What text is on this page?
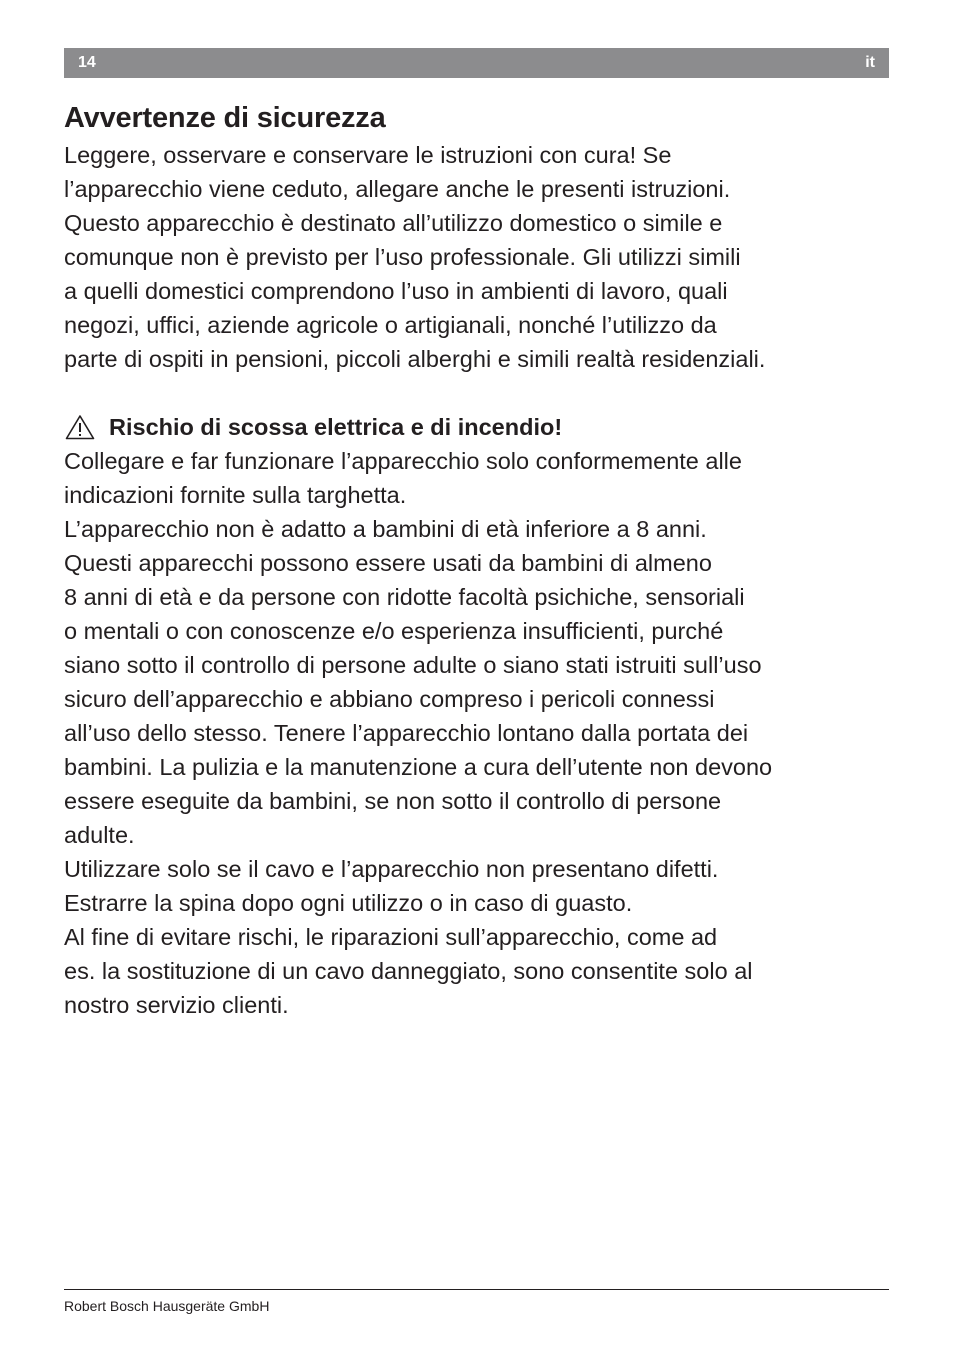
14	it
Avvertenze di sicurezza

Leggere, osservare e conservare le istruzioni con cura! Se
l’apparecchio viene ceduto, allegare anche le presenti istruzioni.
Questo apparecchio è destinato all’utilizzo domestico o simile e
comunque non è previsto per l’uso professionale. Gli utilizzi simili
a quelli domestici comprendono l’uso in ambienti di lavoro, quali
negozi, uffici, aziende agricole o artigianali, nonché l’utilizzo da
parte di ospiti in pensioni, piccoli alberghi e simili realtà residenziali.

Rischio di scossa elettrica e di incendio!

Collegare e far funzionare l’apparecchio solo conformemente alle
indicazioni fornite sulla targhetta.

L’apparecchio non è adatto a bambini di età inferiore a 8 anni.

Questi apparecchi possono essere usati da bambini di almeno
8 anni di età e da persone con ridotte facoltà psichiche, sensoriali
o mentali o con conoscenze e/o esperienza insufficienti, purché
siano sotto il controllo di persone adulte o siano stati istruiti sull’uso
sicuro dell’apparecchio e abbiano compreso i pericoli connessi
all’uso dello stesso. Tenere l’apparecchio lontano dalla portata dei
bambini. La pulizia e la manutenzione a cura dell’utente non devono
essere eseguite da bambini, se non sotto il controllo di persone
adulte.

Utilizzare solo se il cavo e l’apparecchio non presentano difetti.

Estrarre la spina dopo ogni utilizzo o in caso di guasto.

Al fine di evitare rischi, le riparazioni sull’apparecchio, come ad
es. la sostituzione di un cavo danneggiato, sono consentite solo al
nostro servizio clienti.

Robert Bosch Hausgeräte GmbH
